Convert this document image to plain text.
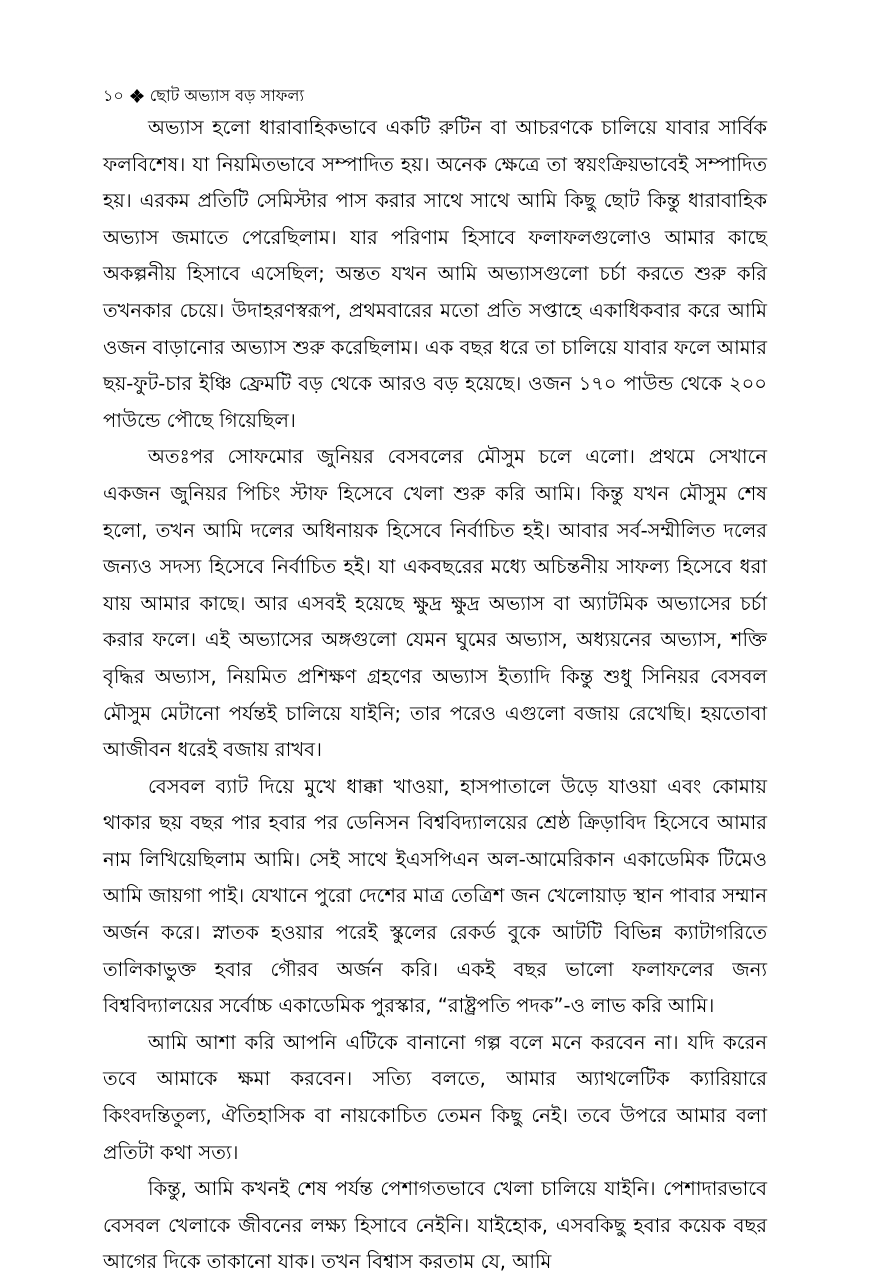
১০ ছোট অভ্যাস বড় সাফল্য

অভ্যাস হলো ধারাবাহিকভাবে একটি রুটিন বা আচরণকে চালিয়ে যাবার সার্বিক ফলবিশেষ। যা নিয়মিতভাবে সম্পাদিত হয়। অনেক ক্ষেত্রে তা স্বয়ংক্রিয়ভাবেই সম্পাদিত হয়। এরকম প্রতিটি সেমিস্টার পাস করার সাথে সাথে আমি কিছু ছোট কিন্তু ধারাবাহিক অভ্যাস জমাতে পেরেছিলাম। যার পরিণাম হিসাবে ফলাফলগুলোও আমার কাছে অকল্পনীয় হিসাবে এসেছিল; অন্তত যখন আমি অভ্যাসগুলো চর্চা করতে শুরু করি তখনকার চেয়ে। উদাহরণস্বরূপ, প্রথমবারের মতো প্রতি সপ্তাহে একাধিকবার করে আমি ওজন বাড়ানোর অভ্যাস শুরু করেছিলাম। এক বছর ধরে তা চালিয়ে যাবার ফলে আমার ছয়-ফুট-চার ইঞ্চি ফ্রেমটি বড় থেকে আরও বড় হয়েছে। ওজন ১৭০ পাউন্ড থেকে ২০০ পাউন্ডে পৌছে গিয়েছিল।

অতঃপর সোফমোর জুনিয়র বেসবলের মৌসুম চলে এলো। প্রথমে সেখানে একজন জুনিয়র পিচিং স্টাফ হিসেবে খেলা শুরু করি আমি। কিন্তু যখন মৌসুম শেষ হলো, তখন আমি দলের অধিনায়ক হিসেবে নির্বাচিত হই। আবার সর্ব-সম্মীলিত দলের জন্যও সদস্য হিসেবে নির্বাচিত হই। যা একবছরের মধ্যে অচিন্তনীয় সাফল্য হিসেবে ধরা যায় আমার কাছে। আর এসবই হয়েছে ক্ষুদ্র ক্ষুদ্র অভ্যাস বা অ্যাটমিক অভ্যাসের চর্চা করার ফলে। এই অভ্যাসের অঙ্গগুলো যেমন ঘুমের অভ্যাস, অধ্যয়নের অভ্যাস, শক্তি বৃদ্ধির অভ্যাস, নিয়মিত প্রশিক্ষণ গ্রহণের অভ্যাস ইত্যাদি কিন্তু শুধু সিনিয়র বেসবল মৌসুম মেটানো পর্যন্তই চালিয়ে যাইনি; তার পরেও এগুলো বজায় রেখেছি। হয়তোবা আজীবন ধরেই বজায় রাখব।

বেসবল ব্যাট দিয়ে মুখে ধাক্কা খাওয়া, হাসপাতালে উড়ে যাওয়া এবং কোমায় থাকার ছয় বছর পার হবার পর ডেনিসন বিশ্ববিদ্যালয়ের শ্রেষ্ঠ ক্রিড়াবিদ হিসেবে আমার নাম লিখিয়েছিলাম আমি। সেই সাথে ইএসপিএন অল-আমেরিকান একাডেমিক টিমেও আমি জায়গা পাই। যেখানে পুরো দেশের মাত্র তেত্রিশ জন খেলোয়াড় স্থান পাবার সম্মান অর্জন করে। স্নাতক হওয়ার পরেই স্কুলের রেকর্ড বুকে আটটি বিভিন্ন ক্যাটাগরিতে তালিকাভুক্ত হবার গৌরব অর্জন করি। একই বছর ভালো ফলাফলের জন্য বিশ্ববিদ্যালয়ের সর্বোচ্চ একাডেমিক পুরস্কার, “রাষ্ট্রপতি পদক”-ও লাভ করি আমি।

আমি আশা করি আপনি এটিকে বানানো গল্প বলে মনে করবেন না। যদি করেন তবে আমাকে ক্ষমা করবেন। সত্যি বলতে, আমার অ্যাথলেটিক ক্যারিয়ারে কিংবদন্তিতুল্য, ঐতিহাসিক বা নায়কোচিত তেমন কিছু নেই। তবে উপরে আমার বলা প্রতিটা কথা সত্য।

কিন্তু, আমি কখনই শেষ পর্যন্ত পেশাগতভাবে খেলা চালিয়ে যাইনি। পেশাদারভাবে বেসবল খেলাকে জীবনের লক্ষ্য হিসাবে নেইনি। যাইহোক, এসবকিছু হবার কয়েক বছর আগের দিকে তাকানো যাক। তখন বিশ্বাস করতাম যে, আমি
